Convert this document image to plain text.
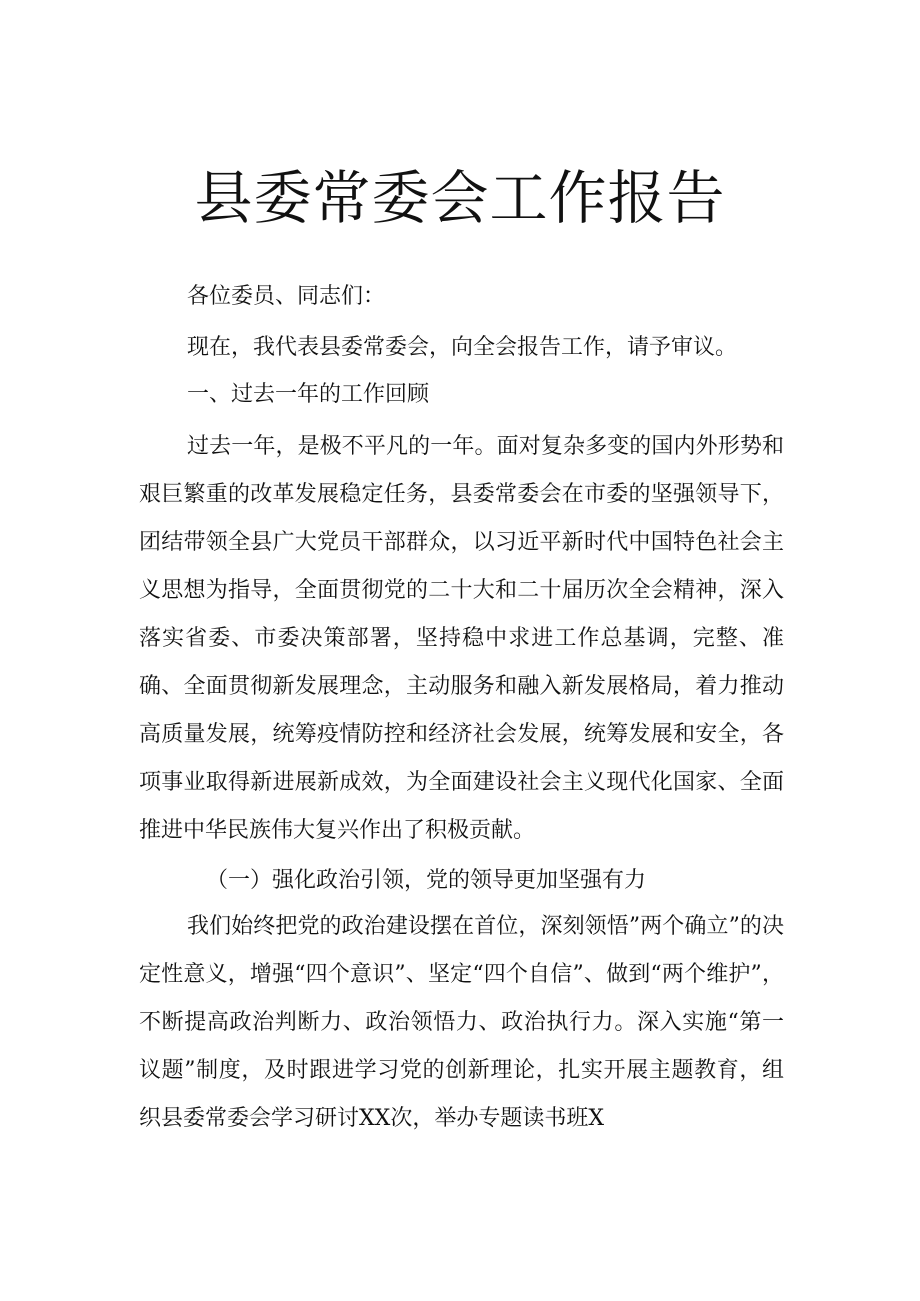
县委常委会工作报告

各位委员、同志们：

现在，我代表县委常委会，向全会报告工作，请予审议。

一、过去一年的工作回顾

过去一年，是极不平凡的一年。面对复杂多变的国内外形势和艰巨繁重的改革发展稳定任务，县委常委会在市委的坚强领导下，团结带领全县广大党员干部群众，以习近平新时代中国特色社会主义思想为指导，全面贯彻党的二十大和二十届历次全会精神，深入落实省委、市委决策部署，坚持稳中求进工作总基调，完整、准确、全面贯彻新发展理念，主动服务和融入新发展格局，着力推动高质量发展，统筹疫情防控和经济社会发展，统筹发展和安全，各项事业取得新进展新成效，为全面建设社会主义现代化国家、全面推进中华民族伟大复兴作出了积极贡献。

（一）强化政治引领，党的领导更加坚强有力

我们始终把党的政治建设摆在首位，深刻领悟”两个确立”的决定性意义，增强“四个意识”、坚定“四个自信”、做到“两个维护”，不断提高政治判断力、政治领悟力、政治执行力。深入实施“第一议题”制度，及时跟进学习党的创新理论，扎实开展主题教育，组织县委常委会学习研讨XX次，举办专题读书班X
